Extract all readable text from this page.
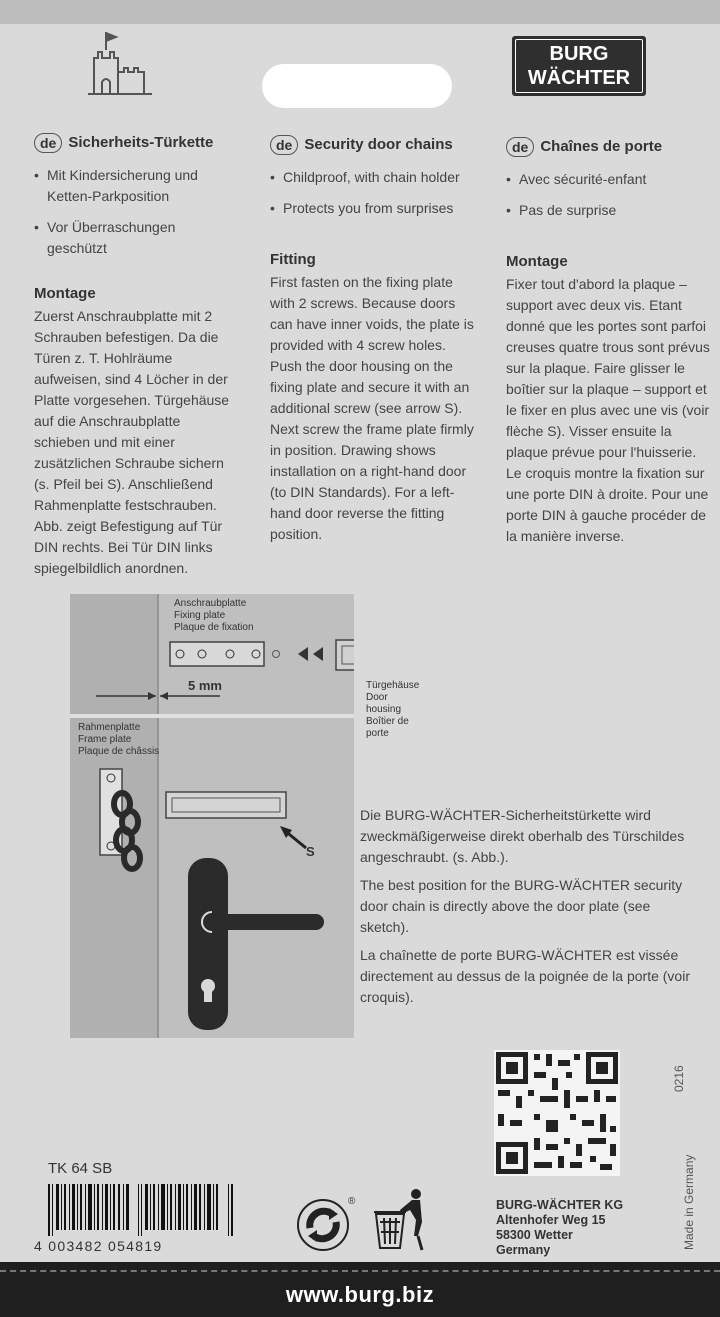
BURG
WÄCHTER
de Sicherheits-Türkette
• Mit Kindersicherung und Ketten-Parkposition
• Vor Überraschungen geschützt
Montage

Zuerst Anschraubplatte mit 2 Schrauben befestigen. Da die Türen z. T. Hohlräume aufweisen, sind 4 Löcher in der Platte vorgesehen. Türgehäuse auf die Anschraubplatte schieben und mit einer zusätzlichen Schraube sichern (s. Pfeil bei S). Anschließend Rahmenplatte festschrauben. Abb. zeigt Befestigung auf Tür DIN rechts. Bei Tür DIN links spiegelbildlich anordnen.

de Security door chains
• Childproof, with chain holder
• Protects you from surprises
Fitting

First fasten on the fixing plate with 2 screws. Because doors can have inner voids, the plate is provided with 4 screw holes. Push the door housing on the fixing plate and secure it with an additional screw (see arrow S). Next screw the frame plate firmly in position. Drawing shows installation on a right-hand door (to DIN Standards). For a left-hand door reverse the fitting position.

de Chaînes de porte
• Avec sécurité-enfant
• Pas de surprise
Montage

Fixer tout d'abord la plaque – support avec deux vis. Etant donné que les portes sont parfoi creuses quatre trous sont prévus sur la plaque. Faire glisser le boîtier sur la plaque – support et le fixer en plus avec une vis (voir flèche S). Visser ensuite la plaque prévue pour l'huisserie. Le croquis montre la fixation sur une porte DIN à droite. Pour une porte DIN à gauche procéder de la manière inverse.

Anschraubplatte
Fixing plate
Plaque de fixation
5 mm	Türgehäuse
Door housing
Boîtier de porte
Rahmenplatte
Frame plate
Plaque de châssis
S

Die BURG-WÄCHTER-Sicherheitstürkette wird zweckmäßigerweise direkt oberhalb des Türschildes angeschraubt. (s. Abb.).

The best position for the BURG-WÄCHTER security door chain is directly above the door plate (see sketch).

La chaînette de porte BURG-WÄCHTER est vissée directement au dessus de la poignée de la porte (voir croquis).

0216
Made in Germany
TK 64 SB
4 003482 054819
®	BURG-WÄCHTER KG
Altenhofer Weg 15
58300 Wetter
Germany
www.burg.biz
